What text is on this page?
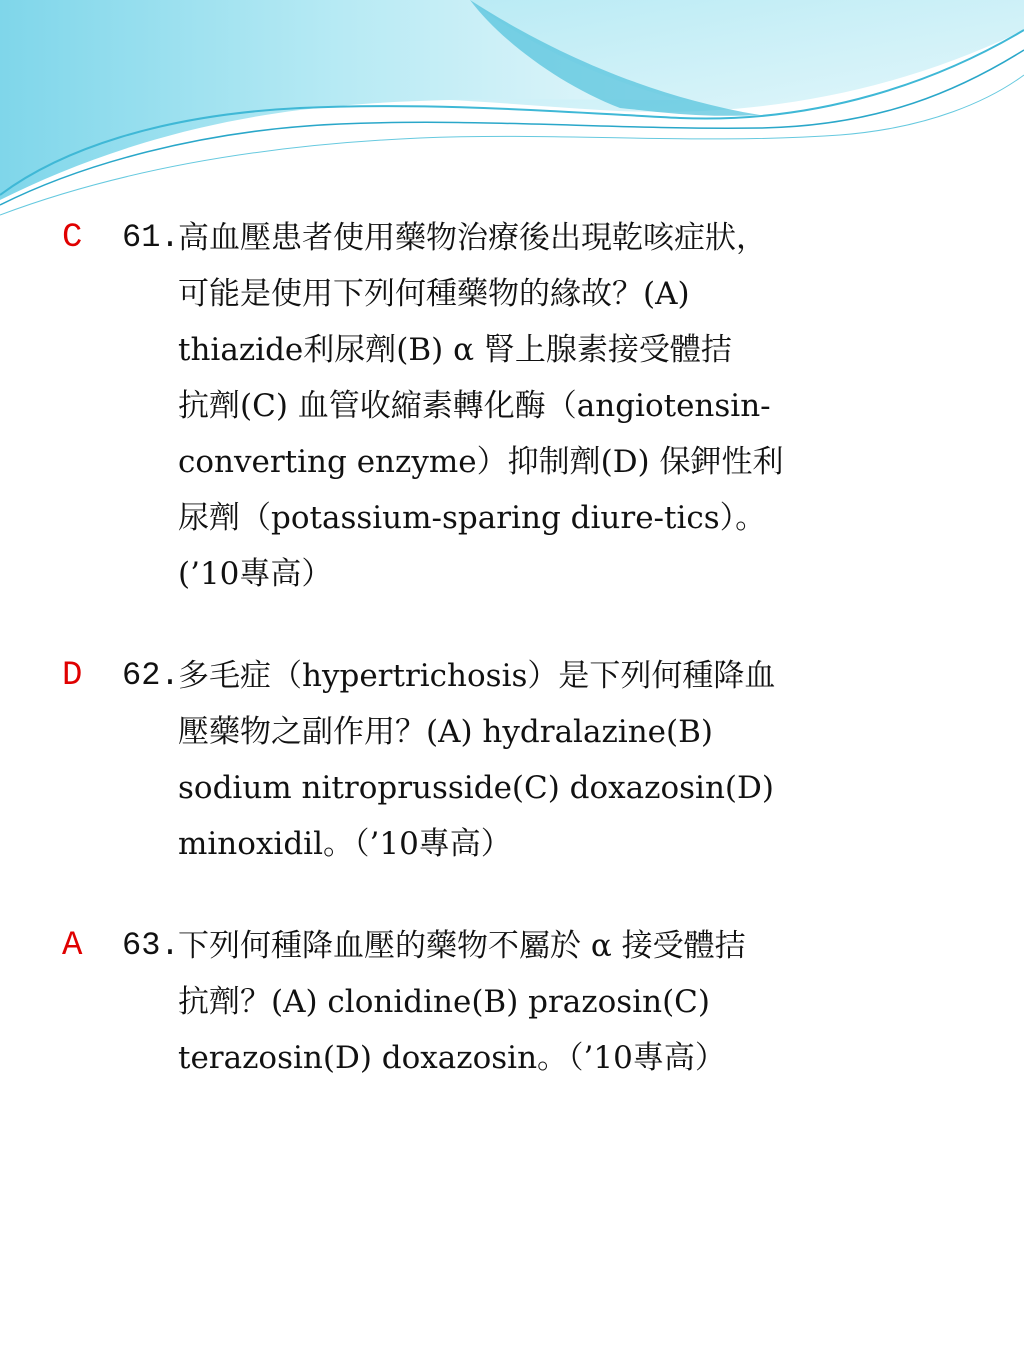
C 61.
高血壓患者使用藥物治療後出現乾咳症狀，
可能是使用下列何種藥物的緣故？(A)
thiazide利尿劑(B) α 腎上腺素接受體拮
抗劑(C) 血管收縮素轉化酶（angiotensin-
converting enzyme）抑制劑(D) 保鉀性利
尿劑（potassium-sparing diure-tics）。
(’10專高）
D 62.
多毛症（hypertrichosis）是下列何種降血
壓藥物之副作用？(A) hydralazine(B)
sodium nitroprusside(C) doxazosin(D)
minoxidil。（’10專高）
A 63.
下列何種降血壓的藥物不屬於 α 接受體拮
抗劑？(A) clonidine(B) prazosin(C)
terazosin(D) doxazosin。（’10專高）
